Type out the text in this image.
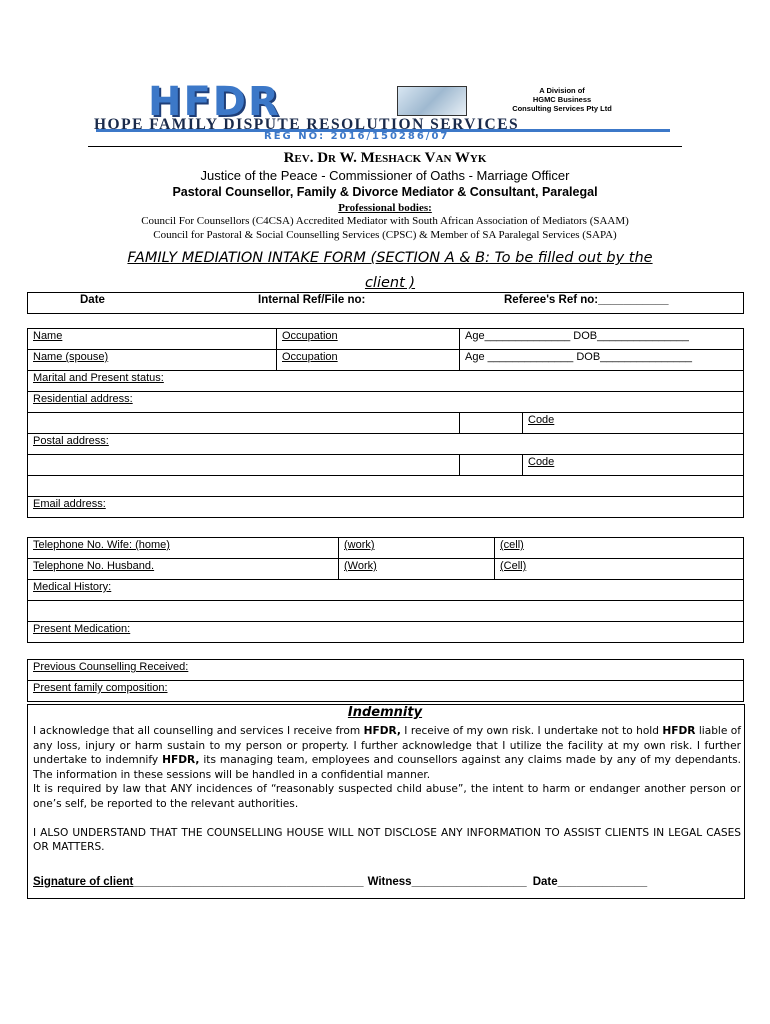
HFDR
HOPE FAMILY DISPUTE RESOLUTION SERVICES
REG NO: 2016/150286/07
A Division of
HGMC Business
Consulting Services Pty Ltd
Rev. Dr W. Meshack Van Wyk
Justice of the Peace - Commissioner of Oaths - Marriage Officer
Pastoral Counsellor, Family & Divorce Mediator & Consultant, Paralegal
Professional bodies:
Council For Counsellors (C4CSA) Accredited Mediator with South African Association of Mediators (SAAM)
Council for Pastoral & Social Counselling Services (CPSC) & Member of SA Paralegal Services (SAPA)
FAMILY MEDIATION INTAKE FORM (SECTION A & B: To be filled out by the
client )
Date	Internal Ref/File no:	Referee's Ref no:___________
Name	Occupation	Age______________ DOB_______________
Name (spouse)	Occupation	Age ______________ DOB_______________
Marital and Present status:		
Residential address:		
		Code
Postal address:		
		Code

Email address:		
Telephone No. Wife: (home)	(work)	(cell)
Telephone No. Husband.	(Work)	(Cell)
Medical History:		

Present Medication:		
Previous Counselling Received:
Present family composition:
Indemnity

I acknowledge that all counselling and services I receive from HFDR, I receive of my own risk. I undertake not to hold HFDR liable of any loss, injury or harm sustain to my person or property. I further acknowledge that I utilize the facility at my own risk. I further undertake to indemnify HFDR, its managing team, employees and counsellors against any claims made by any of my dependants. The information in these sessions will be handled in a confidential manner.

It is required by law that ANY incidences of “reasonably suspected child abuse”, the intent to harm or endanger another person or one’s self, be reported to the relevant authorities.

I ALSO UNDERSTAND THAT THE COUNSELLING HOUSE WILL NOT DISCLOSE ANY INFORMATION TO ASSIST CLIENTS IN LEGAL CASES OR MATTERS.

Signature of client____________________________________ Witness__________________ Date______________
